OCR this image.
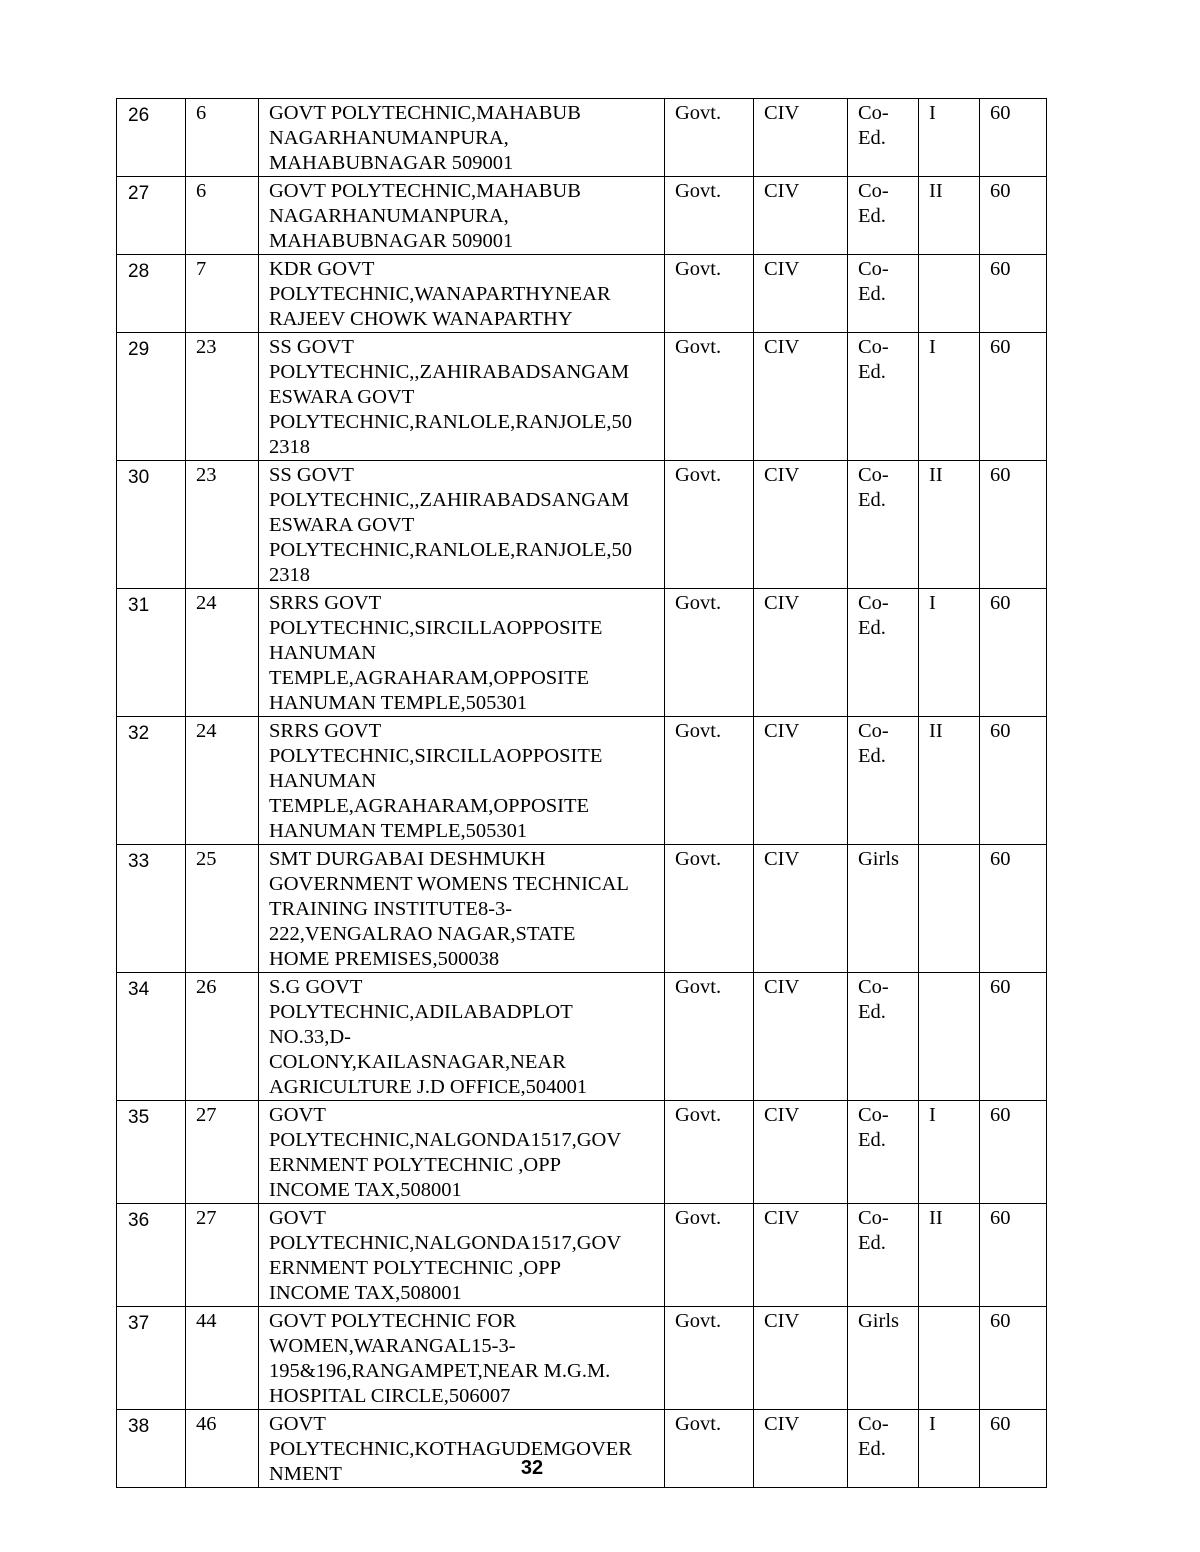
26	6	GOVT POLYTECHNIC,MAHABUB
NAGARHANUMANPURA,
MAHABUBNAGAR 509001	Govt.	CIV	Co-Ed.	I	60
27	6	GOVT POLYTECHNIC,MAHABUB
NAGARHANUMANPURA,
MAHABUBNAGAR 509001	Govt.	CIV	Co-Ed.	II	60
28	7	KDR GOVT
POLYTECHNIC,WANAPARTHYNEAR
RAJEEV CHOWK WANAPARTHY	Govt.	CIV	Co-Ed.		60
29	23	SS GOVT
POLYTECHNIC,,ZAHIRABADSANGAM
ESWARA GOVT
POLYTECHNIC,RANLOLE,RANJOLE,50
2318	Govt.	CIV	Co-Ed.	I	60
30	23	SS GOVT
POLYTECHNIC,,ZAHIRABADSANGAM
ESWARA GOVT
POLYTECHNIC,RANLOLE,RANJOLE,50
2318	Govt.	CIV	Co-Ed.	II	60
31	24	SRRS GOVT
POLYTECHNIC,SIRCILLAOPPOSITE
HANUMAN
TEMPLE,AGRAHARAM,OPPOSITE
HANUMAN TEMPLE,505301	Govt.	CIV	Co-Ed.	I	60
32	24	SRRS GOVT
POLYTECHNIC,SIRCILLAOPPOSITE
HANUMAN
TEMPLE,AGRAHARAM,OPPOSITE
HANUMAN TEMPLE,505301	Govt.	CIV	Co-Ed.	II	60
33	25	SMT DURGABAI DESHMUKH
GOVERNMENT WOMENS TECHNICAL
TRAINING INSTITUTE8-3-
222,VENGALRAO NAGAR,STATE
HOME PREMISES,500038	Govt.	CIV	Girls		60
34	26	S.G GOVT
POLYTECHNIC,ADILABADPLOT
NO.33,D-
COLONY,KAILASNAGAR,NEAR
AGRICULTURE J.D OFFICE,504001	Govt.	CIV	Co-Ed.		60
35	27	GOVT
POLYTECHNIC,NALGONDA1517,GOV
ERNMENT POLYTECHNIC ,OPP
INCOME TAX,508001	Govt.	CIV	Co-Ed.	I	60
36	27	GOVT
POLYTECHNIC,NALGONDA1517,GOV
ERNMENT POLYTECHNIC ,OPP
INCOME TAX,508001	Govt.	CIV	Co-Ed.	II	60
37	44	GOVT POLYTECHNIC FOR
WOMEN,WARANGAL15-3-
195&196,RANGAMPET,NEAR M.G.M.
HOSPITAL CIRCLE,506007	Govt.	CIV	Girls		60
38	46	GOVT
POLYTECHNIC,KOTHAGUDEMGOVER
NMENT	Govt.	CIV	Co-Ed.	I	60
32
